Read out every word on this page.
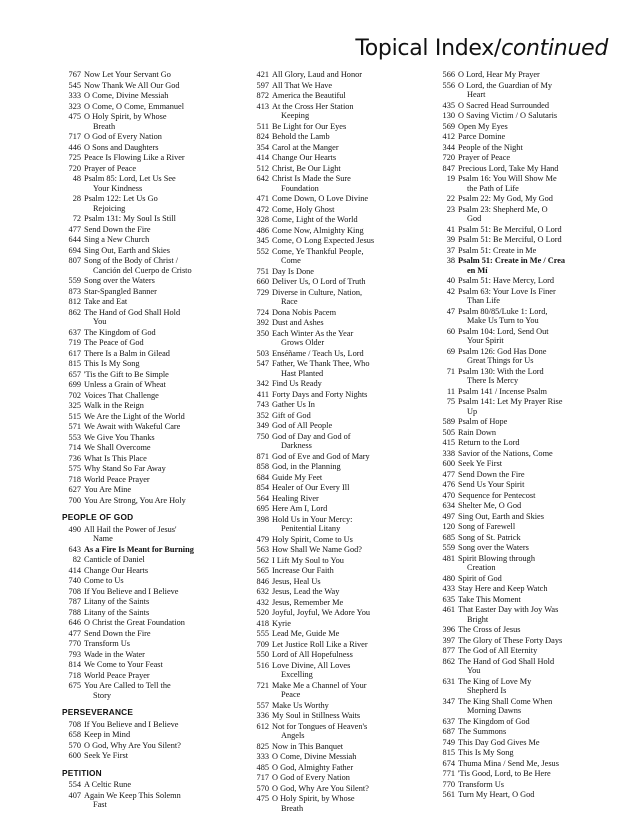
Topical Index/continued
767 Now Let Your Servant Go
545 Now Thank We All Our God
333 O Come, Divine Messiah
323 O Come, O Come, Emmanuel
475 O Holy Spirit, by Whose
Breath
717 O God of Every Nation
446 O Sons and Daughters
725 Peace Is Flowing Like a River
720 Prayer of Peace
48 Psalm 85: Lord, Let Us See
Your Kindness
28 Psalm 122: Let Us Go
Rejoicing
72 Psalm 131: My Soul Is Still
477 Send Down the Fire
644 Sing a New Church
694 Sing Out, Earth and Skies
807 Song of the Body of Christ /
Canción del Cuerpo de Cristo
559 Song over the Waters
873 Star-Spangled Banner
812 Take and Eat
862 The Hand of God Shall Hold
You
637 The Kingdom of God
719 The Peace of God
617 There Is a Balm in Gilead
815 This Is My Song
657 'Tis the Gift to Be Simple
699 Unless a Grain of Wheat
702 Voices That Challenge
325 Walk in the Reign
515 We Are the Light of the World
571 We Await with Wakeful Care
553 We Give You Thanks
714 We Shall Overcome
736 What Is This Place
575 Why Stand So Far Away
718 World Peace Prayer
627 You Are Mine
700 You Are Strong, You Are Holy
PEOPLE OF GOD
490 All Hail the Power of Jesus'
Name
643 As a Fire Is Meant for Burning
82 Canticle of Daniel
414 Change Our Hearts
740 Come to Us
708 If You Believe and I Believe
787 Litany of the Saints
788 Litany of the Saints
646 O Christ the Great Foundation
477 Send Down the Fire
770 Transform Us
793 Wade in the Water
814 We Come to Your Feast
718 World Peace Prayer
675 You Are Called to Tell the
Story
PERSEVERANCE
708 If You Believe and I Believe
658 Keep in Mind
570 O God, Why Are You Silent?
600 Seek Ye First
PETITION
554 A Celtic Rune
407 Again We Keep This Solemn
Fast
421 All Glory, Laud and Honor
597 All That We Have
872 America the Beautiful
413 At the Cross Her Station
Keeping
511 Be Light for Our Eyes
824 Behold the Lamb
354 Carol at the Manger
414 Change Our Hearts
512 Christ, Be Our Light
642 Christ Is Made the Sure
Foundation
471 Come Down, O Love Divine
472 Come, Holy Ghost
328 Come, Light of the World
486 Come Now, Almighty King
345 Come, O Long Expected Jesus
552 Come, Ye Thankful People,
Come
751 Day Is Done
660 Deliver Us, O Lord of Truth
729 Diverse in Culture, Nation,
Race
724 Dona Nobis Pacem
392 Dust and Ashes
350 Each Winter As the Year
Grows Older
503 Enséñame / Teach Us, Lord
547 Father, We Thank Thee, Who
Hast Planted
342 Find Us Ready
411 Forty Days and Forty Nights
743 Gather Us In
352 Gift of God
349 God of All People
750 God of Day and God of
Darkness
871 God of Eve and God of Mary
858 God, in the Planning
684 Guide My Feet
854 Healer of Our Every Ill
564 Healing River
695 Here Am I, Lord
398 Hold Us in Your Mercy:
Penitential Litany
479 Holy Spirit, Come to Us
563 How Shall We Name God?
562 I Lift My Soul to You
565 Increase Our Faith
846 Jesus, Heal Us
632 Jesus, Lead the Way
432 Jesus, Remember Me
520 Joyful, Joyful, We Adore You
418 Kyrie
555 Lead Me, Guide Me
709 Let Justice Roll Like a River
550 Lord of All Hopefulness
516 Love Divine, All Loves
Excelling
721 Make Me a Channel of Your
Peace
557 Make Us Worthy
336 My Soul in Stillness Waits
612 Not for Tongues of Heaven's
Angels
825 Now in This Banquet
333 O Come, Divine Messiah
485 O God, Almighty Father
717 O God of Every Nation
570 O God, Why Are You Silent?
475 O Holy Spirit, by Whose
Breath
566 O Lord, Hear My Prayer
556 O Lord, the Guardian of My
Heart
435 O Sacred Head Surrounded
130 O Saving Victim / O Salutaris
569 Open My Eyes
412 Parce Domine
344 People of the Night
720 Prayer of Peace
847 Precious Lord, Take My Hand
19 Psalm 16: You Will Show Me
the Path of Life
22 Psalm 22: My God, My God
23 Psalm 23: Shepherd Me, O
God
41 Psalm 51: Be Merciful, O Lord
39 Psalm 51: Be Merciful, O Lord
37 Psalm 51: Create in Me
38 Psalm 51: Create in Me / Crea
en Mí
40 Psalm 51: Have Mercy, Lord
42 Psalm 63: Your Love Is Finer
Than Life
47 Psalm 80/85/Luke 1: Lord,
Make Us Turn to You
60 Psalm 104: Lord, Send Out
Your Spirit
69 Psalm 126: God Has Done
Great Things for Us
71 Psalm 130: With the Lord
There Is Mercy
11 Psalm 141 / Incense Psalm
75 Psalm 141: Let My Prayer Rise
Up
589 Psalm of Hope
505 Rain Down
415 Return to the Lord
338 Savior of the Nations, Come
600 Seek Ye First
477 Send Down the Fire
476 Send Us Your Spirit
470 Sequence for Pentecost
634 Shelter Me, O God
497 Sing Out, Earth and Skies
120 Song of Farewell
685 Song of St. Patrick
559 Song over the Waters
481 Spirit Blowing through
Creation
480 Spirit of God
433 Stay Here and Keep Watch
635 Take This Moment
461 That Easter Day with Joy Was
Bright
396 The Cross of Jesus
397 The Glory of These Forty Days
877 The God of All Eternity
862 The Hand of God Shall Hold
You
631 The King of Love My
Shepherd Is
347 The King Shall Come When
Morning Dawns
637 The Kingdom of God
687 The Summons
749 This Day God Gives Me
815 This Is My Song
674 Thuma Mina / Send Me, Jesus
771 'Tis Good, Lord, to Be Here
770 Transform Us
561 Turn My Heart, O God
